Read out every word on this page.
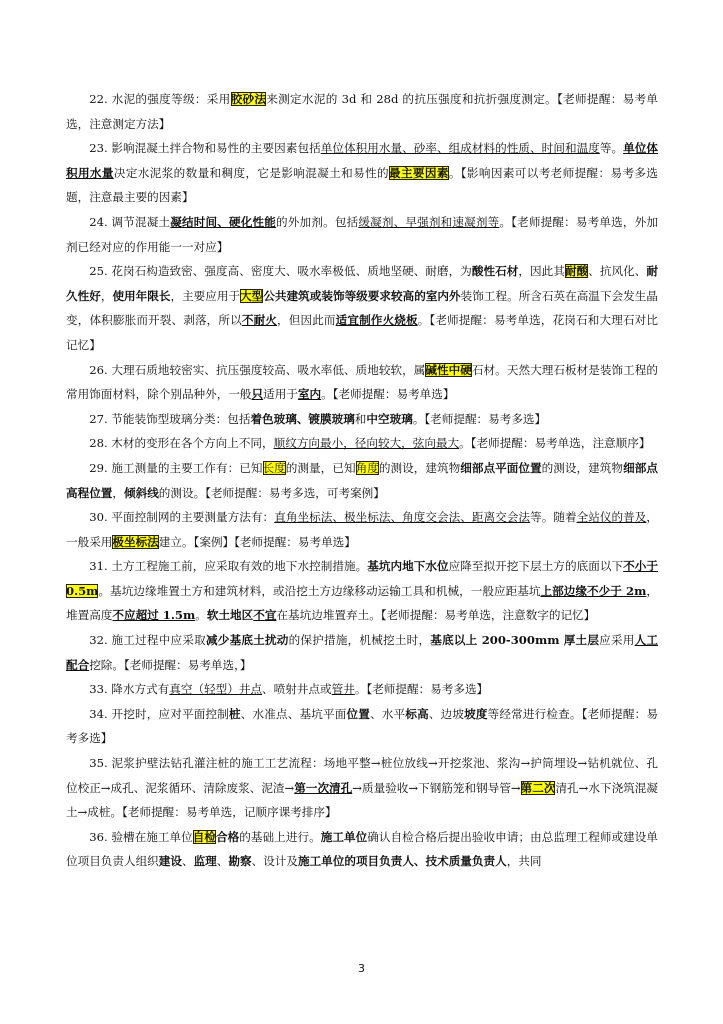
22. 水泥的强度等级：采用胶砂法来测定水泥的 3d 和 28d 的抗压强度和抗折强度测定。【老师提醒：易考单选，注意测定方法】

23. 影响混凝土拌合物和易性的主要因素包括单位体积用水量、砂率、组成材料的性质、时间和温度等。单位体积用水量决定水泥浆的数量和稠度，它是影响混凝土和易性的最主要因素。【影响因素可以考老师提醒：易考多选题，注意最主要的因素】

24. 调节混凝土凝结时间、硬化性能的外加剂。包括缓凝剂、早强剂和速凝剂等。【老师提醒：易考单选，外加剂已经对应的作用能一一对应】

25. 花岗石构造致密、强度高、密度大、吸水率极低、质地坚硬、耐磨，为酸性石材，因此其耐酸、抗风化、耐久性好，使用年限长，主要应用于大型公共建筑或装饰等级要求较高的室内外装饰工程。所含石英在高温下会发生晶变，体积膨胀而开裂、剥落，所以不耐火，但因此而适宜制作火烧板。【老师提醒：易考单选，花岗石和大理石对比记忆】

26. 大理石质地较密实、抗压强度较高、吸水率低、质地较软，属碱性中硬石材。天然大理石板材是装饰工程的常用饰面材料，除个别品种外，一般只适用于室内。【老师提醒：易考单选】

27. 节能装饰型玻璃分类：包括着色玻璃、镀膜玻璃和中空玻璃。【老师提醒：易考多选】

28. 木材的变形在各个方向上不同，顺纹方向最小，径向较大，弦向最大。【老师提醒：易考单选，注意顺序】

29. 施工测量的主要工作有：已知长度的测量，已知角度的测设，建筑物细部点平面位置的测设，建筑物细部点高程位置，倾斜线的测设。【老师提醒：易考多选，可考案例】

30. 平面控制网的主要测量方法有：直角坐标法、极坐标法、角度交会法、距离交会法等。随着全站仪的普及，一般采用极坐标法建立。【案例】【老师提醒：易考单选】

31. 土方工程施工前，应采取有效的地下水控制措施。基坑内地下水位应降至拟开挖下层土方的底面以下不小于0.5m。基坑边缘堆置土方和建筑材料，或沿挖土方边缘移动运输工具和机械，一般应距基坑上部边缘不少于 2m，堆置高度不应超过 1.5m。软土地区不宜在基坑边堆置弃土。【老师提醒：易考单选，注意数字的记忆】

32. 施工过程中应采取减少基底土扰动的保护措施，机械挖土时，基底以上 200-300mm 厚土层应采用人工配合挖除。【老师提醒：易考单选，】

33. 降水方式有真空（轻型）井点、喷射井点或管井。【老师提醒：易考多选】

34. 开挖时，应对平面控制桩、水准点、基坑平面位置、水平标高、边坡坡度等经常进行检查。【老师提醒：易考多选】

35. 泥浆护壁法钻孔灌注桩的施工工艺流程：场地平整→桩位放线→开挖浆池、浆沟→护筒埋设→钻机就位、孔位校正→成孔、泥浆循环、清除废浆、泥渣→第一次清孔→质量验收→下钢筋笼和钢导管→第二次清孔→水下浇筑混凝土→成桩。【老师提醒：易考单选，记顺序课考排序】

36. 验槽在施工单位自检合格的基础上进行。施工单位确认自检合格后提出验收申请；由总监理工程师或建设单位项目负责人组织建设、监理、勘察、设计及施工单位的项目负责人、技术质量负责人，共同

3
